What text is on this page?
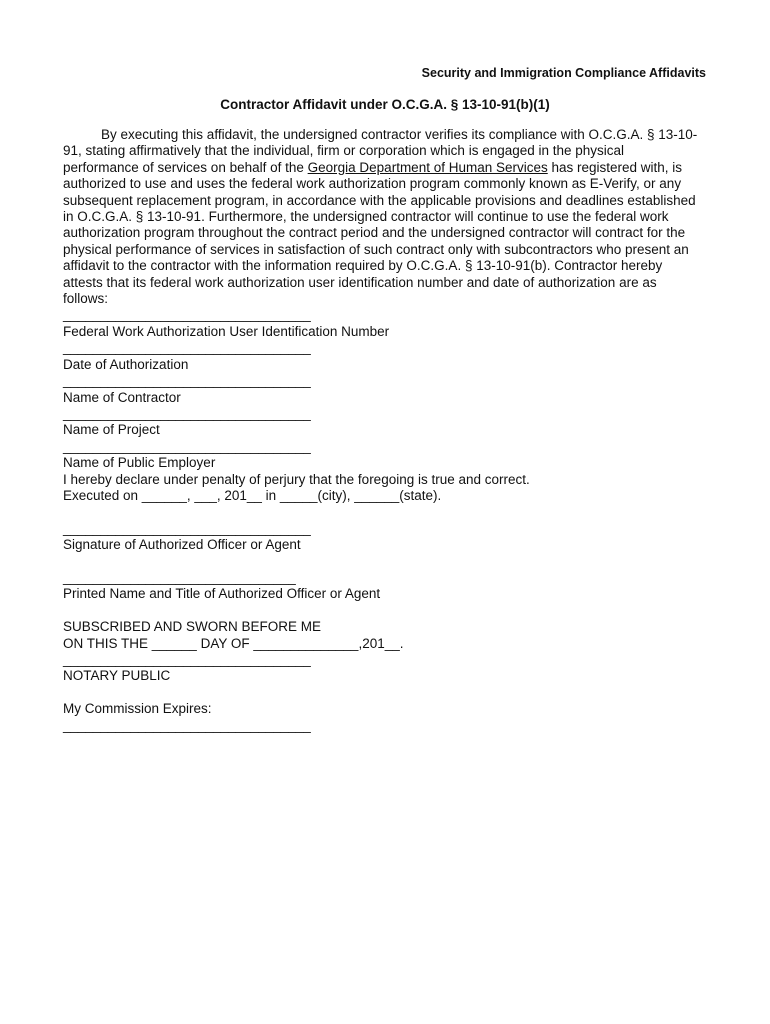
Security and Immigration Compliance Affidavits
Contractor Affidavit under O.C.G.A. § 13-10-91(b)(1)

By executing this affidavit, the undersigned contractor verifies its compliance with O.C.G.A. § 13-10-91, stating affirmatively that the individual, firm or corporation which is engaged in the physical performance of services on behalf of the Georgia Department of Human Services has registered with, is authorized to use and uses the federal work authorization program commonly known as E-Verify, or any subsequent replacement program, in accordance with the applicable provisions and deadlines established in O.C.G.A. § 13-10-91. Furthermore, the undersigned contractor will continue to use the federal work authorization program throughout the contract period and the undersigned contractor will contract for the physical performance of services in satisfaction of such contract only with subcontractors who present an affidavit to the contractor with the information required by O.C.G.A. § 13-10-91(b). Contractor hereby attests that its federal work authorization user identification number and date of authorization are as follows:

_________________________________
Federal Work Authorization User Identification Number
_________________________________
Date of Authorization
_________________________________
Name of Contractor
_________________________________
Name of Project
_________________________________
Name of Public Employer
I hereby declare under penalty of perjury that the foregoing is true and correct.
Executed on ______, ___, 201__ in _____(city), ______(state).
_________________________________
Signature of Authorized Officer or Agent
_______________________________
Printed Name and Title of Authorized Officer or Agent
SUBSCRIBED AND SWORN BEFORE ME
ON THIS THE ______ DAY OF ______________,201__.
_________________________________
NOTARY PUBLIC
My Commission Expires:
_________________________________
